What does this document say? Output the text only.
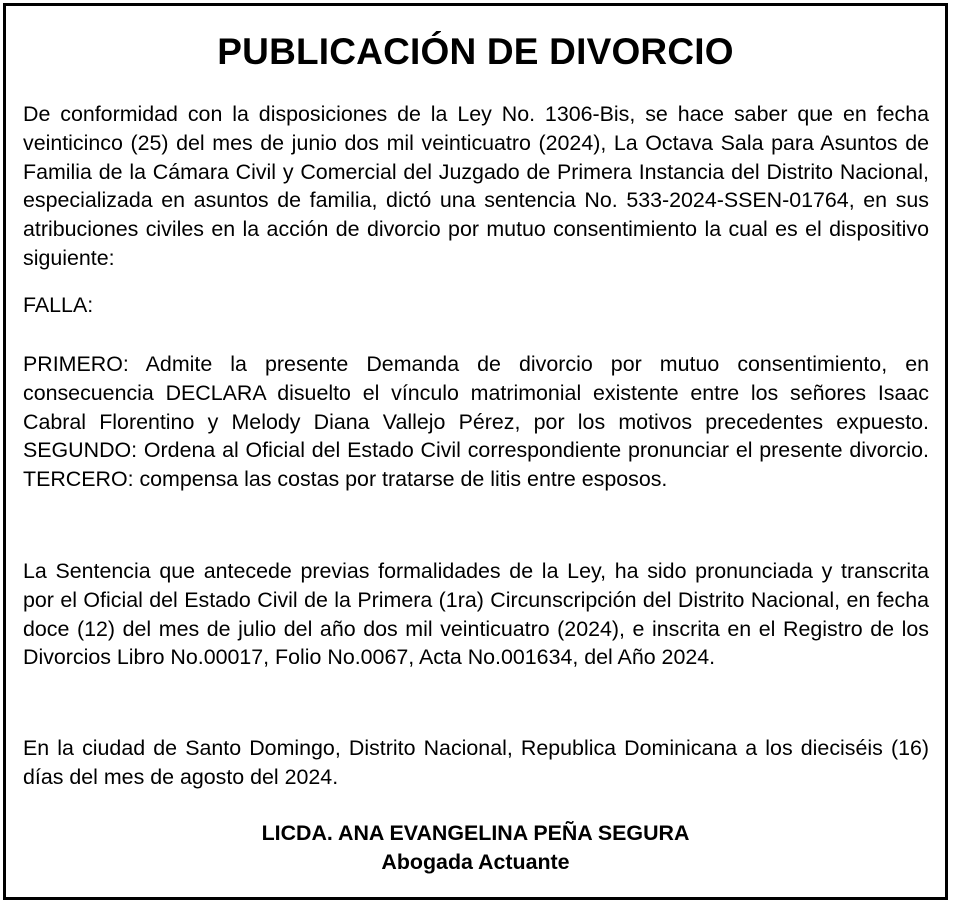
PUBLICACIÓN DE DIVORCIO

De conformidad con la disposiciones de la Ley No. 1306-Bis, se hace saber que en fecha veinticinco (25) del mes de junio dos mil veinticuatro (2024), La Octava Sala para Asuntos de Familia de la Cámara Civil y Comercial del Juzgado de Primera Instancia del Distrito Nacional, especializada en asuntos de familia, dictó una sentencia No. 533-2024-SSEN-01764, en sus atribuciones civiles en la acción de divorcio por mutuo consentimiento la cual es el dispositivo siguiente:

FALLA:

PRIMERO: Admite la presente Demanda de divorcio por mutuo consentimiento, en consecuencia DECLARA disuelto el vínculo matrimonial existente entre los señores Isaac Cabral Florentino y Melody Diana Vallejo Pérez, por los motivos precedentes expuesto. SEGUNDO: Ordena al Oficial del Estado Civil correspondiente pronunciar el presente divorcio. TERCERO: compensa las costas por tratarse de litis entre esposos.

La Sentencia que antecede previas formalidades de la Ley, ha sido pronunciada y transcrita por el Oficial del Estado Civil de la Primera (1ra) Circunscripción del Distrito Nacional, en fecha doce (12) del mes de julio del año dos mil veinticuatro (2024), e inscrita en el Registro de los Divorcios Libro No.00017, Folio No.0067, Acta No.001634, del Año 2024.

En la ciudad de Santo Domingo, Distrito Nacional, Republica Dominicana a los dieciséis (16) días del mes de agosto del 2024.

LICDA. ANA EVANGELINA PEÑA SEGURA
Abogada Actuante
